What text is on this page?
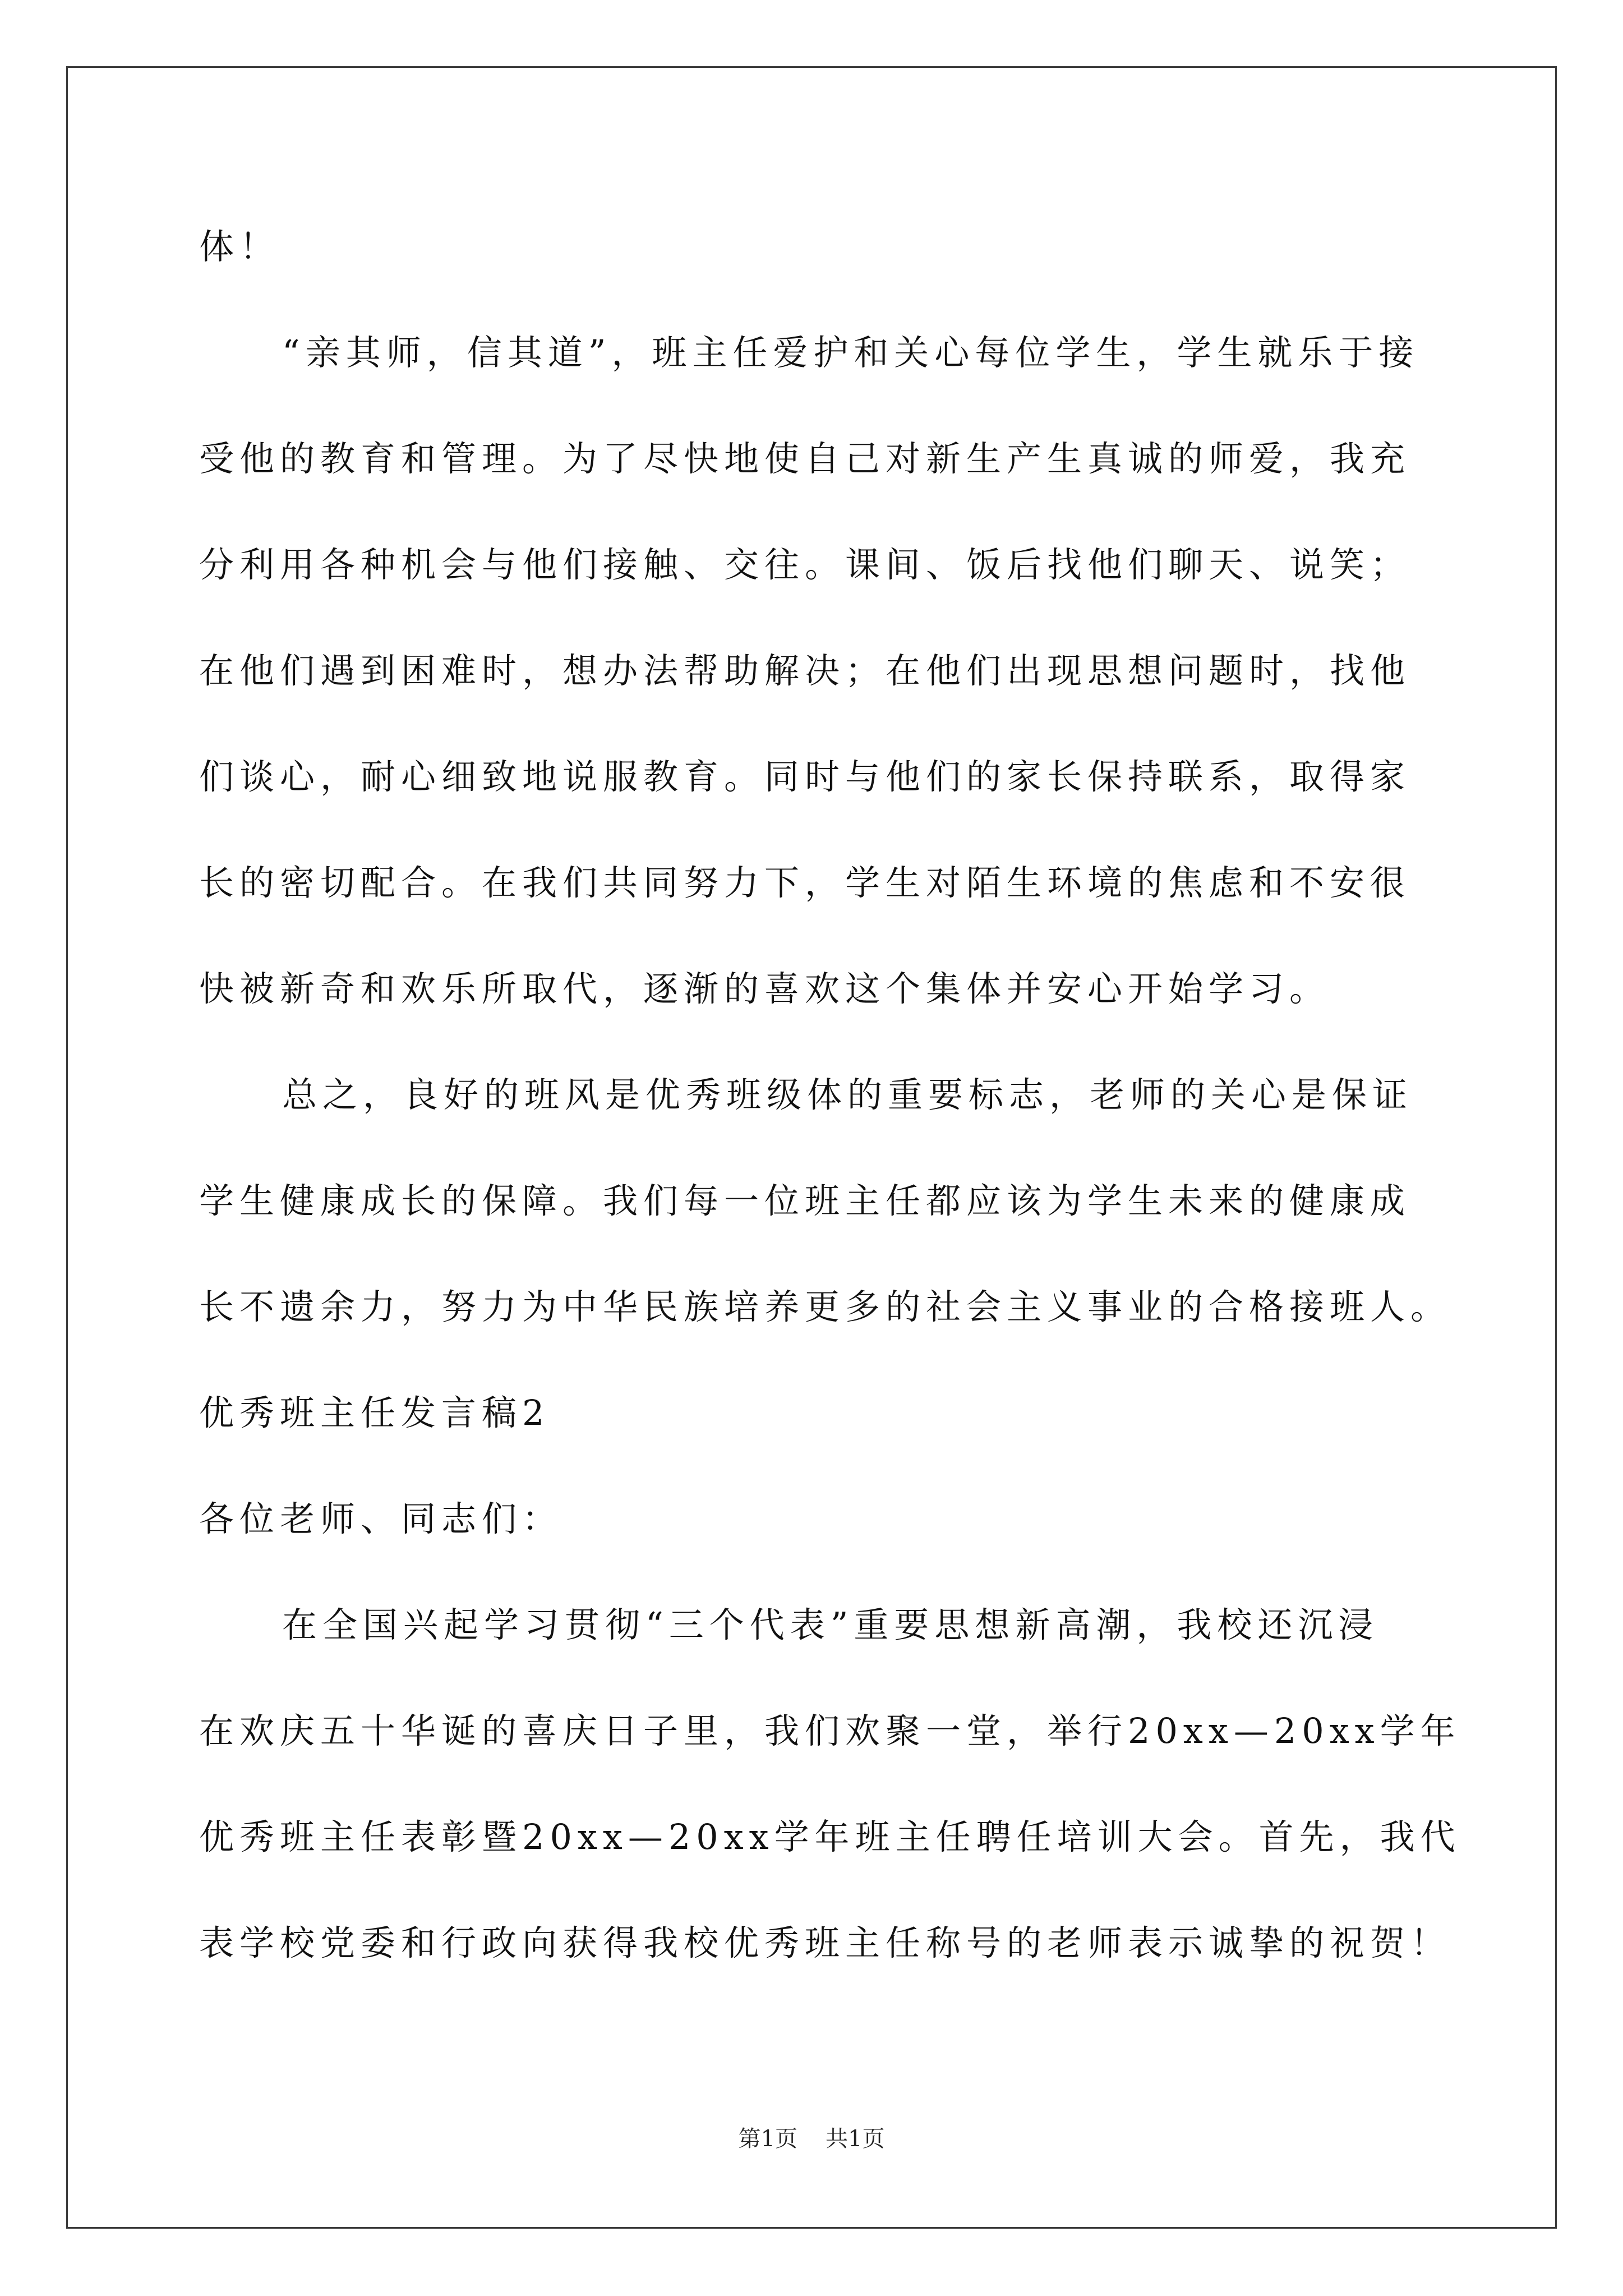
体！
“亲其师，信其道”，班主任爱护和关心每位学生，学生就乐于接
受他的教育和管理。为了尽快地使自己对新生产生真诚的师爱，我充
分利用各种机会与他们接触、交往。课间、饭后找他们聊天、说笑；
在他们遇到困难时，想办法帮助解决；在他们出现思想问题时，找他
们谈心，耐心细致地说服教育。同时与他们的家长保持联系，取得家
长的密切配合。在我们共同努力下，学生对陌生环境的焦虑和不安很
快被新奇和欢乐所取代，逐渐的喜欢这个集体并安心开始学习。
总之，良好的班风是优秀班级体的重要标志，老师的关心是保证
学生健康成长的保障。我们每一位班主任都应该为学生未来的健康成
长不遗余力，努力为中华民族培养更多的社会主义事业的合格接班人。
优秀班主任发言稿2
各位老师、同志们：
在全国兴起学习贯彻“三个代表”重要思想新高潮，我校还沉浸
在欢庆五十华诞的喜庆日子里，我们欢聚一堂，举行20xx—20xx学年
优秀班主任表彰暨20xx—20xx学年班主任聘任培训大会。首先，我代
表学校党委和行政向获得我校优秀班主任称号的老师表示诚挚的祝贺！
第1页 共1页
